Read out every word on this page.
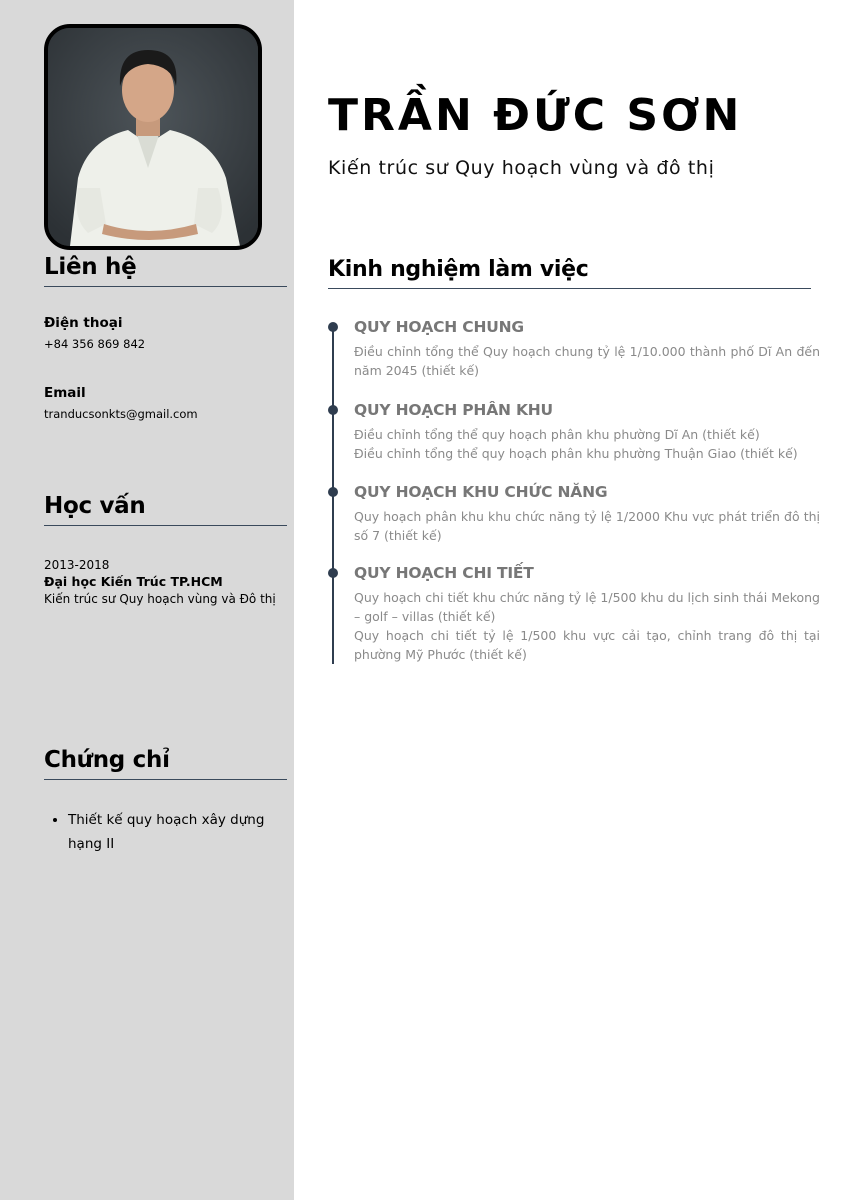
Liên hệ
Điện thoại
+84 356 869 842
Email
tranducsonkts@gmail.com
Học vấn
2013-2018
Đại học Kiến Trúc TP.HCM
Kiến trúc sư Quy hoạch vùng và Đô thị
Chứng chỉ
• Thiết kế quy hoạch xây dựng hạng II
TRẦN ĐỨC SƠN
Kiến trúc sư Quy hoạch vùng và đô thị
Kinh nghiệm làm việc
QUY HOẠCH CHUNG

Điều chỉnh tổng thể Quy hoạch chung tỷ lệ 1/10.000 thành phố Dĩ An đến năm 2045 (thiết kế)

QUY HOẠCH PHÂN KHU

Điều chỉnh tổng thể quy hoạch phân khu phường Dĩ An (thiết kế)

Điều chỉnh tổng thể quy hoạch phân khu phường Thuận Giao (thiết kế)

QUY HOẠCH KHU CHỨC NĂNG

Quy hoạch phân khu khu chức năng tỷ lệ 1/2000 Khu vực phát triển đô thị số 7 (thiết kế)

QUY HOẠCH CHI TIẾT

Quy hoạch chi tiết khu chức năng tỷ lệ 1/500 khu du lịch sinh thái Mekong – golf – villas (thiết kế)

Quy hoạch chi tiết tỷ lệ 1/500 khu vực cải tạo, chỉnh trang đô thị tại phường Mỹ Phước (thiết kế)
